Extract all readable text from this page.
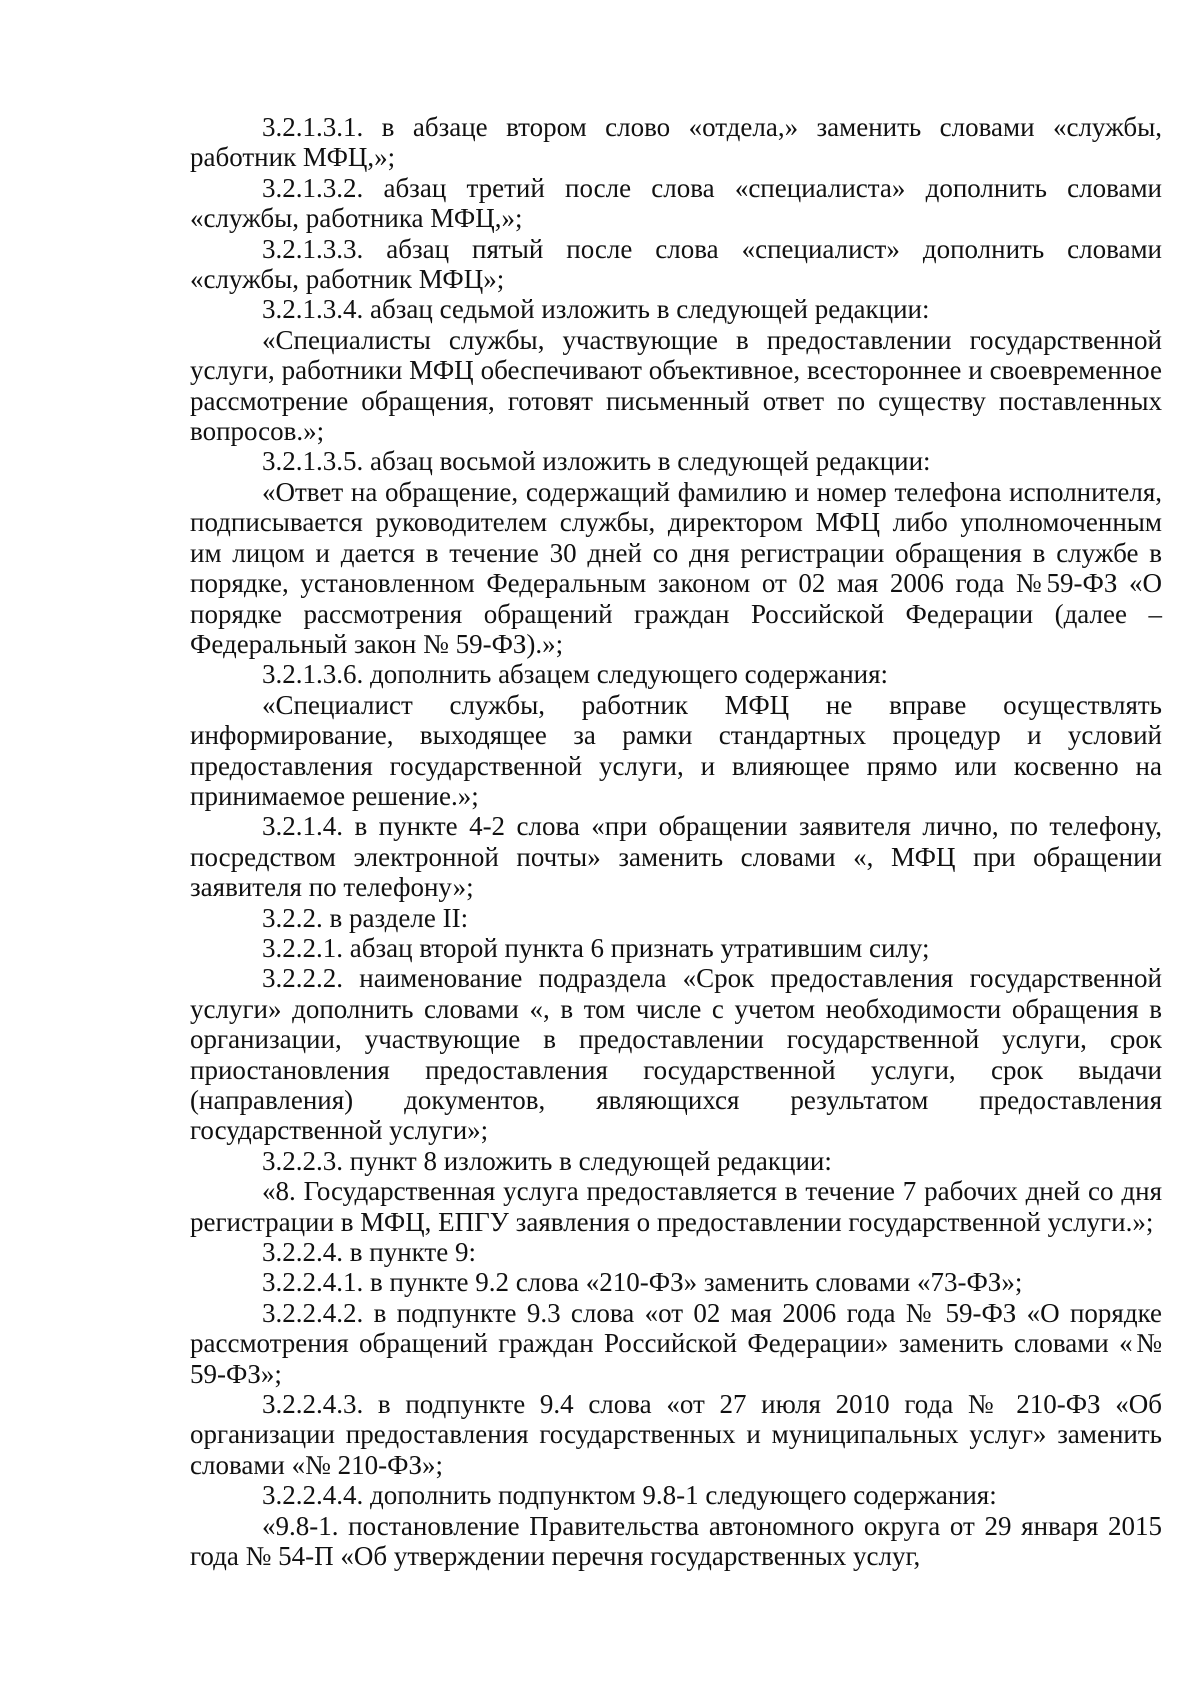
3.2.1.3.1. в абзаце втором слово «отдела,» заменить словами «службы, работник МФЦ,»;

3.2.1.3.2. абзац третий после слова «специалиста» дополнить словами «службы, работника МФЦ,»;

3.2.1.3.3. абзац пятый после слова «специалист» дополнить словами «службы, работник МФЦ»;

3.2.1.3.4. абзац седьмой изложить в следующей редакции:

«Специалисты службы, участвующие в предоставлении государственной услуги, работники МФЦ обеспечивают объективное, всестороннее и своевременное рассмотрение обращения, готовят письменный ответ по существу поставленных вопросов.»;

3.2.1.3.5. абзац восьмой изложить в следующей редакции:

«Ответ на обращение, содержащий фамилию и номер телефона исполнителя, подписывается руководителем службы, директором МФЦ либо уполномоченным им лицом и дается в течение 30 дней со дня регистрации обращения в службе в порядке, установленном Федеральным законом от 02 мая 2006 года №59-ФЗ «О порядке рассмотрения обращений граждан Российской Федерации (далее – Федеральный закон № 59-ФЗ).»;

3.2.1.3.6. дополнить абзацем следующего содержания:

«Специалист службы, работник МФЦ не вправе осуществлять информирование, выходящее за рамки стандартных процедур и условий предоставления государственной услуги, и влияющее прямо или косвенно на принимаемое решение.»;

3.2.1.4. в пункте 4-2 слова «при обращении заявителя лично, по телефону, посредством электронной почты» заменить словами «, МФЦ при обращении заявителя по телефону»;

3.2.2. в разделе II:

3.2.2.1. абзац второй пункта 6 признать утратившим силу;

3.2.2.2. наименование подраздела «Срок предоставления государственной услуги» дополнить словами «, в том числе с учетом необходимости обращения в организации, участвующие в предоставлении государственной услуги, срок приостановления предоставления государственной услуги, срок выдачи (направления) документов, являющихся результатом предоставления государственной услуги»;

3.2.2.3. пункт 8 изложить в следующей редакции:

«8. Государственная услуга предоставляется в течение 7 рабочих дней со дня регистрации в МФЦ, ЕПГУ заявления о предоставлении государственной услуги.»;

3.2.2.4. в пункте 9:

3.2.2.4.1. в пункте 9.2 слова «210-ФЗ» заменить словами «73-ФЗ»;

3.2.2.4.2. в подпункте 9.3 слова «от 02 мая 2006 года № 59-ФЗ «О порядке рассмотрения обращений граждан Российской Федерации» заменить словами «№ 59-ФЗ»;

3.2.2.4.3. в подпункте 9.4 слова «от 27 июля 2010 года № 210-ФЗ «Об организации предоставления государственных и муниципальных услуг» заменить словами «№ 210-ФЗ»;

3.2.2.4.4. дополнить подпунктом 9.8-1 следующего содержания:

«9.8-1. постановление Правительства автономного округа от 29 января 2015 года № 54-П «Об утверждении перечня государственных услуг,
